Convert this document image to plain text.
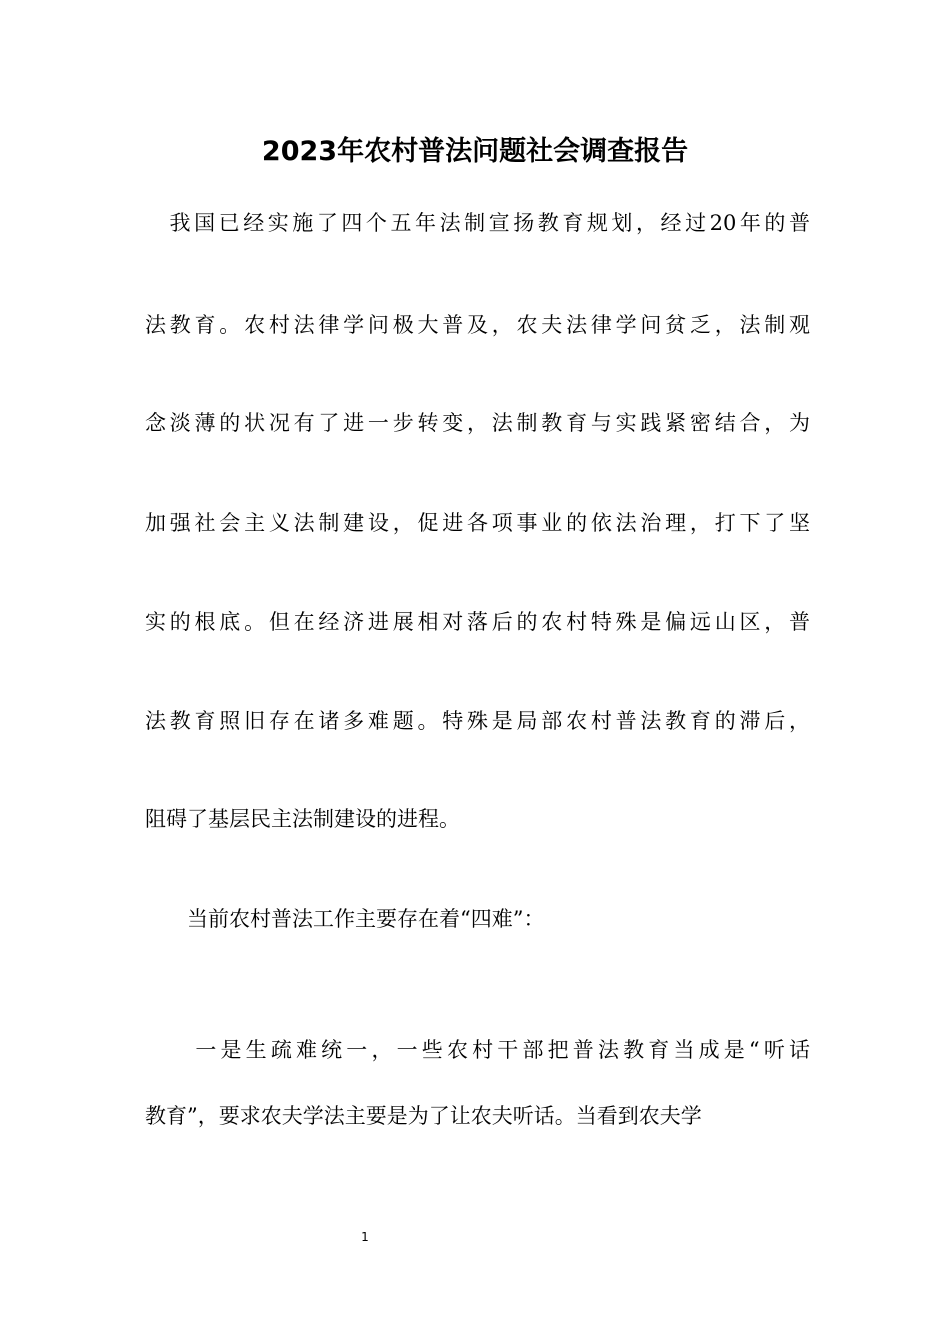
2023年农村普法问题社会调查报告

　我国已经实施了四个五年法制宣扬教育规划，经过20年的普

法教育。农村法律学问极大普及，农夫法律学问贫乏，法制观

念淡薄的状况有了进一步转变，法制教育与实践紧密结合，为

加强社会主义法制建设，促进各项事业的依法治理，打下了坚

实的根底。但在经济进展相对落后的农村特殊是偏远山区，普

法教育照旧存在诸多难题。特殊是局部农村普法教育的滞后，

阻碍了基层民主法制建设的进程。

　　当前农村普法工作主要存在着“四难”：

　　一是生疏难统一，一些农村干部把普法教育当成是“听话

教育”，要求农夫学法主要是为了让农夫听话。当看到农夫学

1
